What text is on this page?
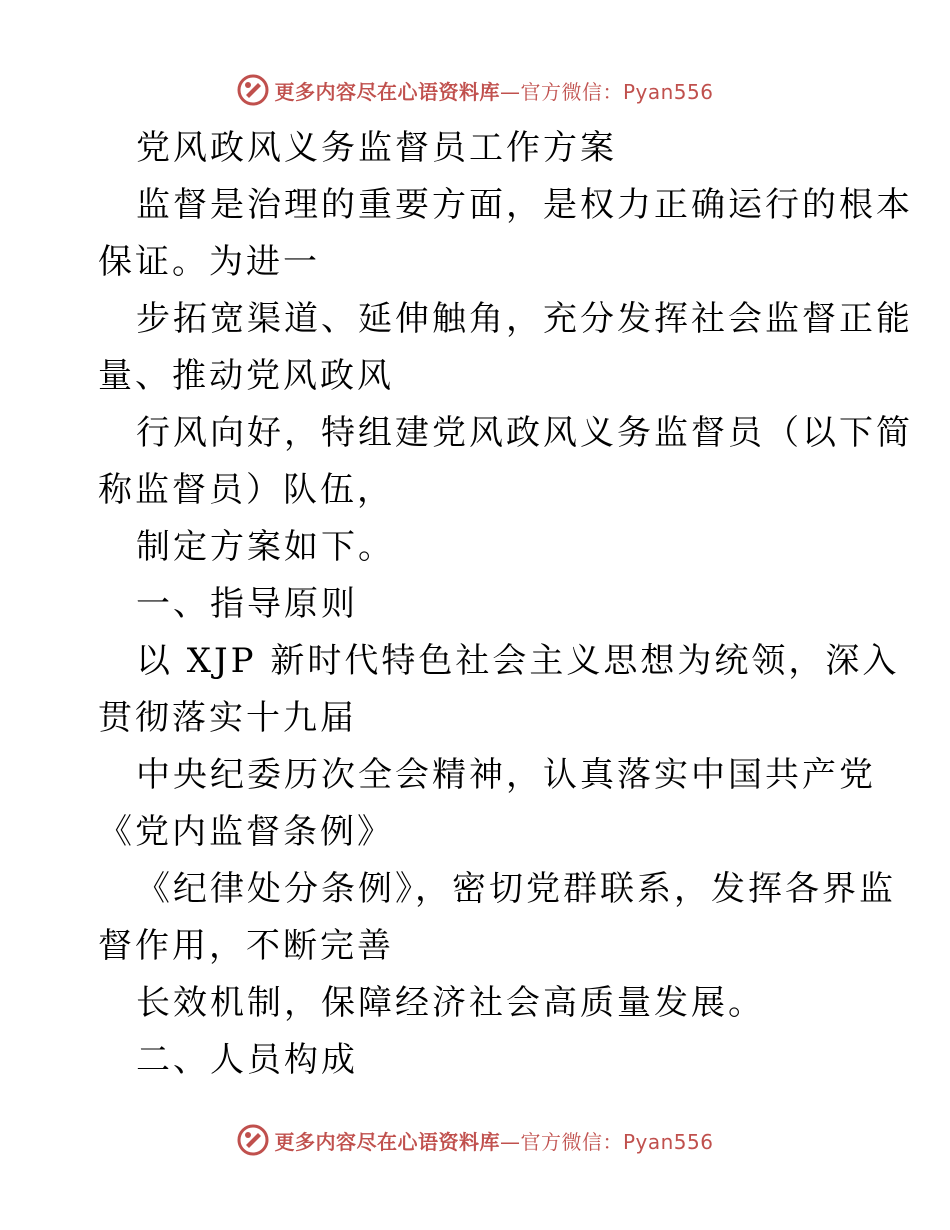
更多内容尽在心语资料库—官方微信：Pyan556
党风政风义务监督员工作方案
监督是治理的重要方面，是权力正确运行的根本
保证。为进一
步拓宽渠道、延伸触角，充分发挥社会监督正能
量、推动党风政风
行风向好，特组建党风政风义务监督员（以下简
称监督员）队伍，
制定方案如下。
一、指导原则
以 XJP 新时代特色社会主义思想为统领，深入
贯彻落实十九届
中央纪委历次全会精神，认真落实中国共产党
《党内监督条例》
《纪律处分条例》，密切党群联系，发挥各界监
督作用，不断完善
长效机制，保障经济社会高质量发展。
二、人员构成
更多内容尽在心语资料库—官方微信：Pyan556
